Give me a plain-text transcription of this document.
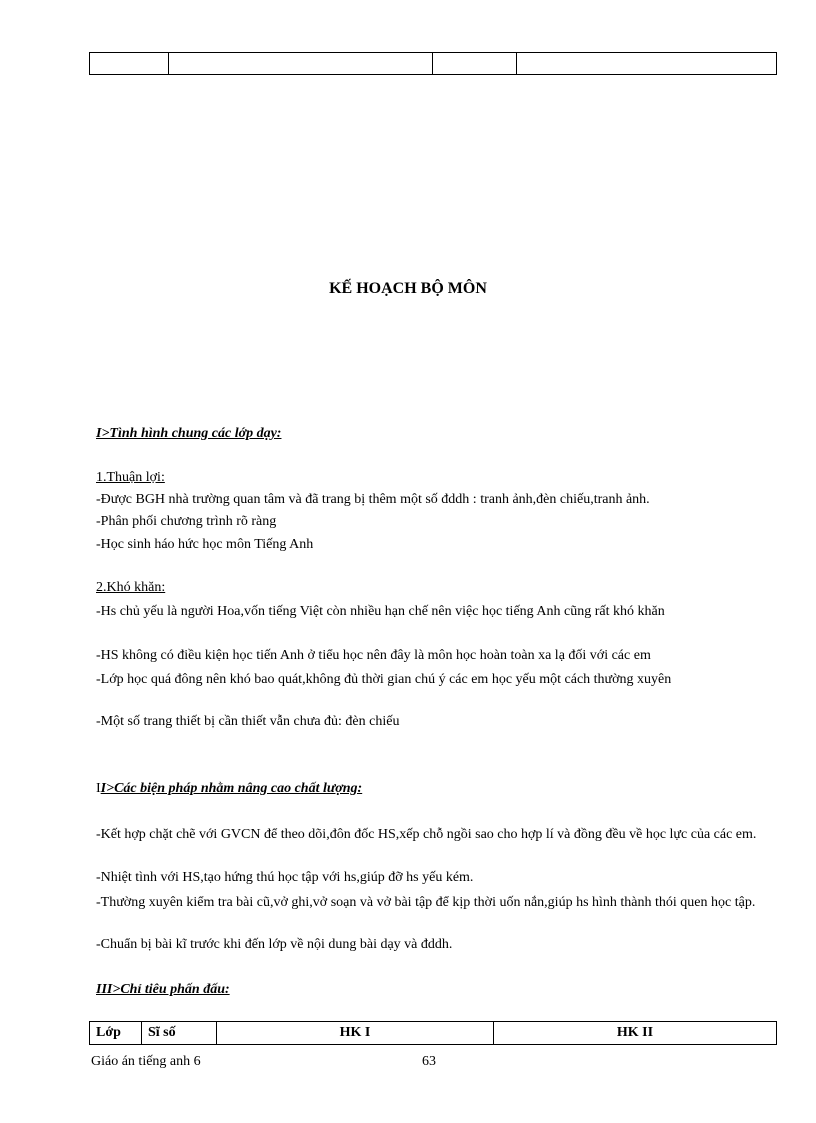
KẾ HOẠCH BỘ MÔN
I>Tình hình chung các lớp dạy:
1.Thuận lợi:
-Được BGH nhà trường quan tâm và đã trang bị thêm một số đddh : tranh ảnh,đèn chiếu,tranh ảnh.
-Phân phối chương trình rõ ràng
-Học sinh háo hức học môn Tiếng Anh
2.Khó khăn:
-Hs chủ yếu là người Hoa,vốn tiếng Việt còn nhiều hạn chế nên việc học tiếng Anh cũng rất khó khăn
-HS không có điều kiện học tiến Anh ở tiểu học nên đây là môn học hoàn toàn xa lạ đối với các em
-Lớp học quá đông nên khó bao quát,không đủ thời gian chú ý các em học yếu một cách thường xuyên
-Một số trang thiết bị cần thiết vẫn chưa đủ: đèn chiếu
II>Các biện pháp nhằm nâng cao chất lượng:
-Kết hợp chặt chẽ với GVCN để theo dõi,đôn đốc HS,xếp chỗ ngồi sao cho hợp lí và đồng đều về học lực của các em.
-Nhiệt tình với HS,tạo hứng thú học tập với hs,giúp đỡ hs yếu kém.
-Thường xuyên kiểm tra bài cũ,vở ghi,vở soạn và vở bài tập để kịp thời uốn nắn,giúp hs hình thành thói quen học tập.
-Chuẩn bị bài kĩ trước khi đến lớp về nội dung bài dạy và đddh.
III>Chỉ tiêu phấn đấu:
Lớp	Sĩ số	HK I	HK II
Giáo án tiếng anh 6	63
